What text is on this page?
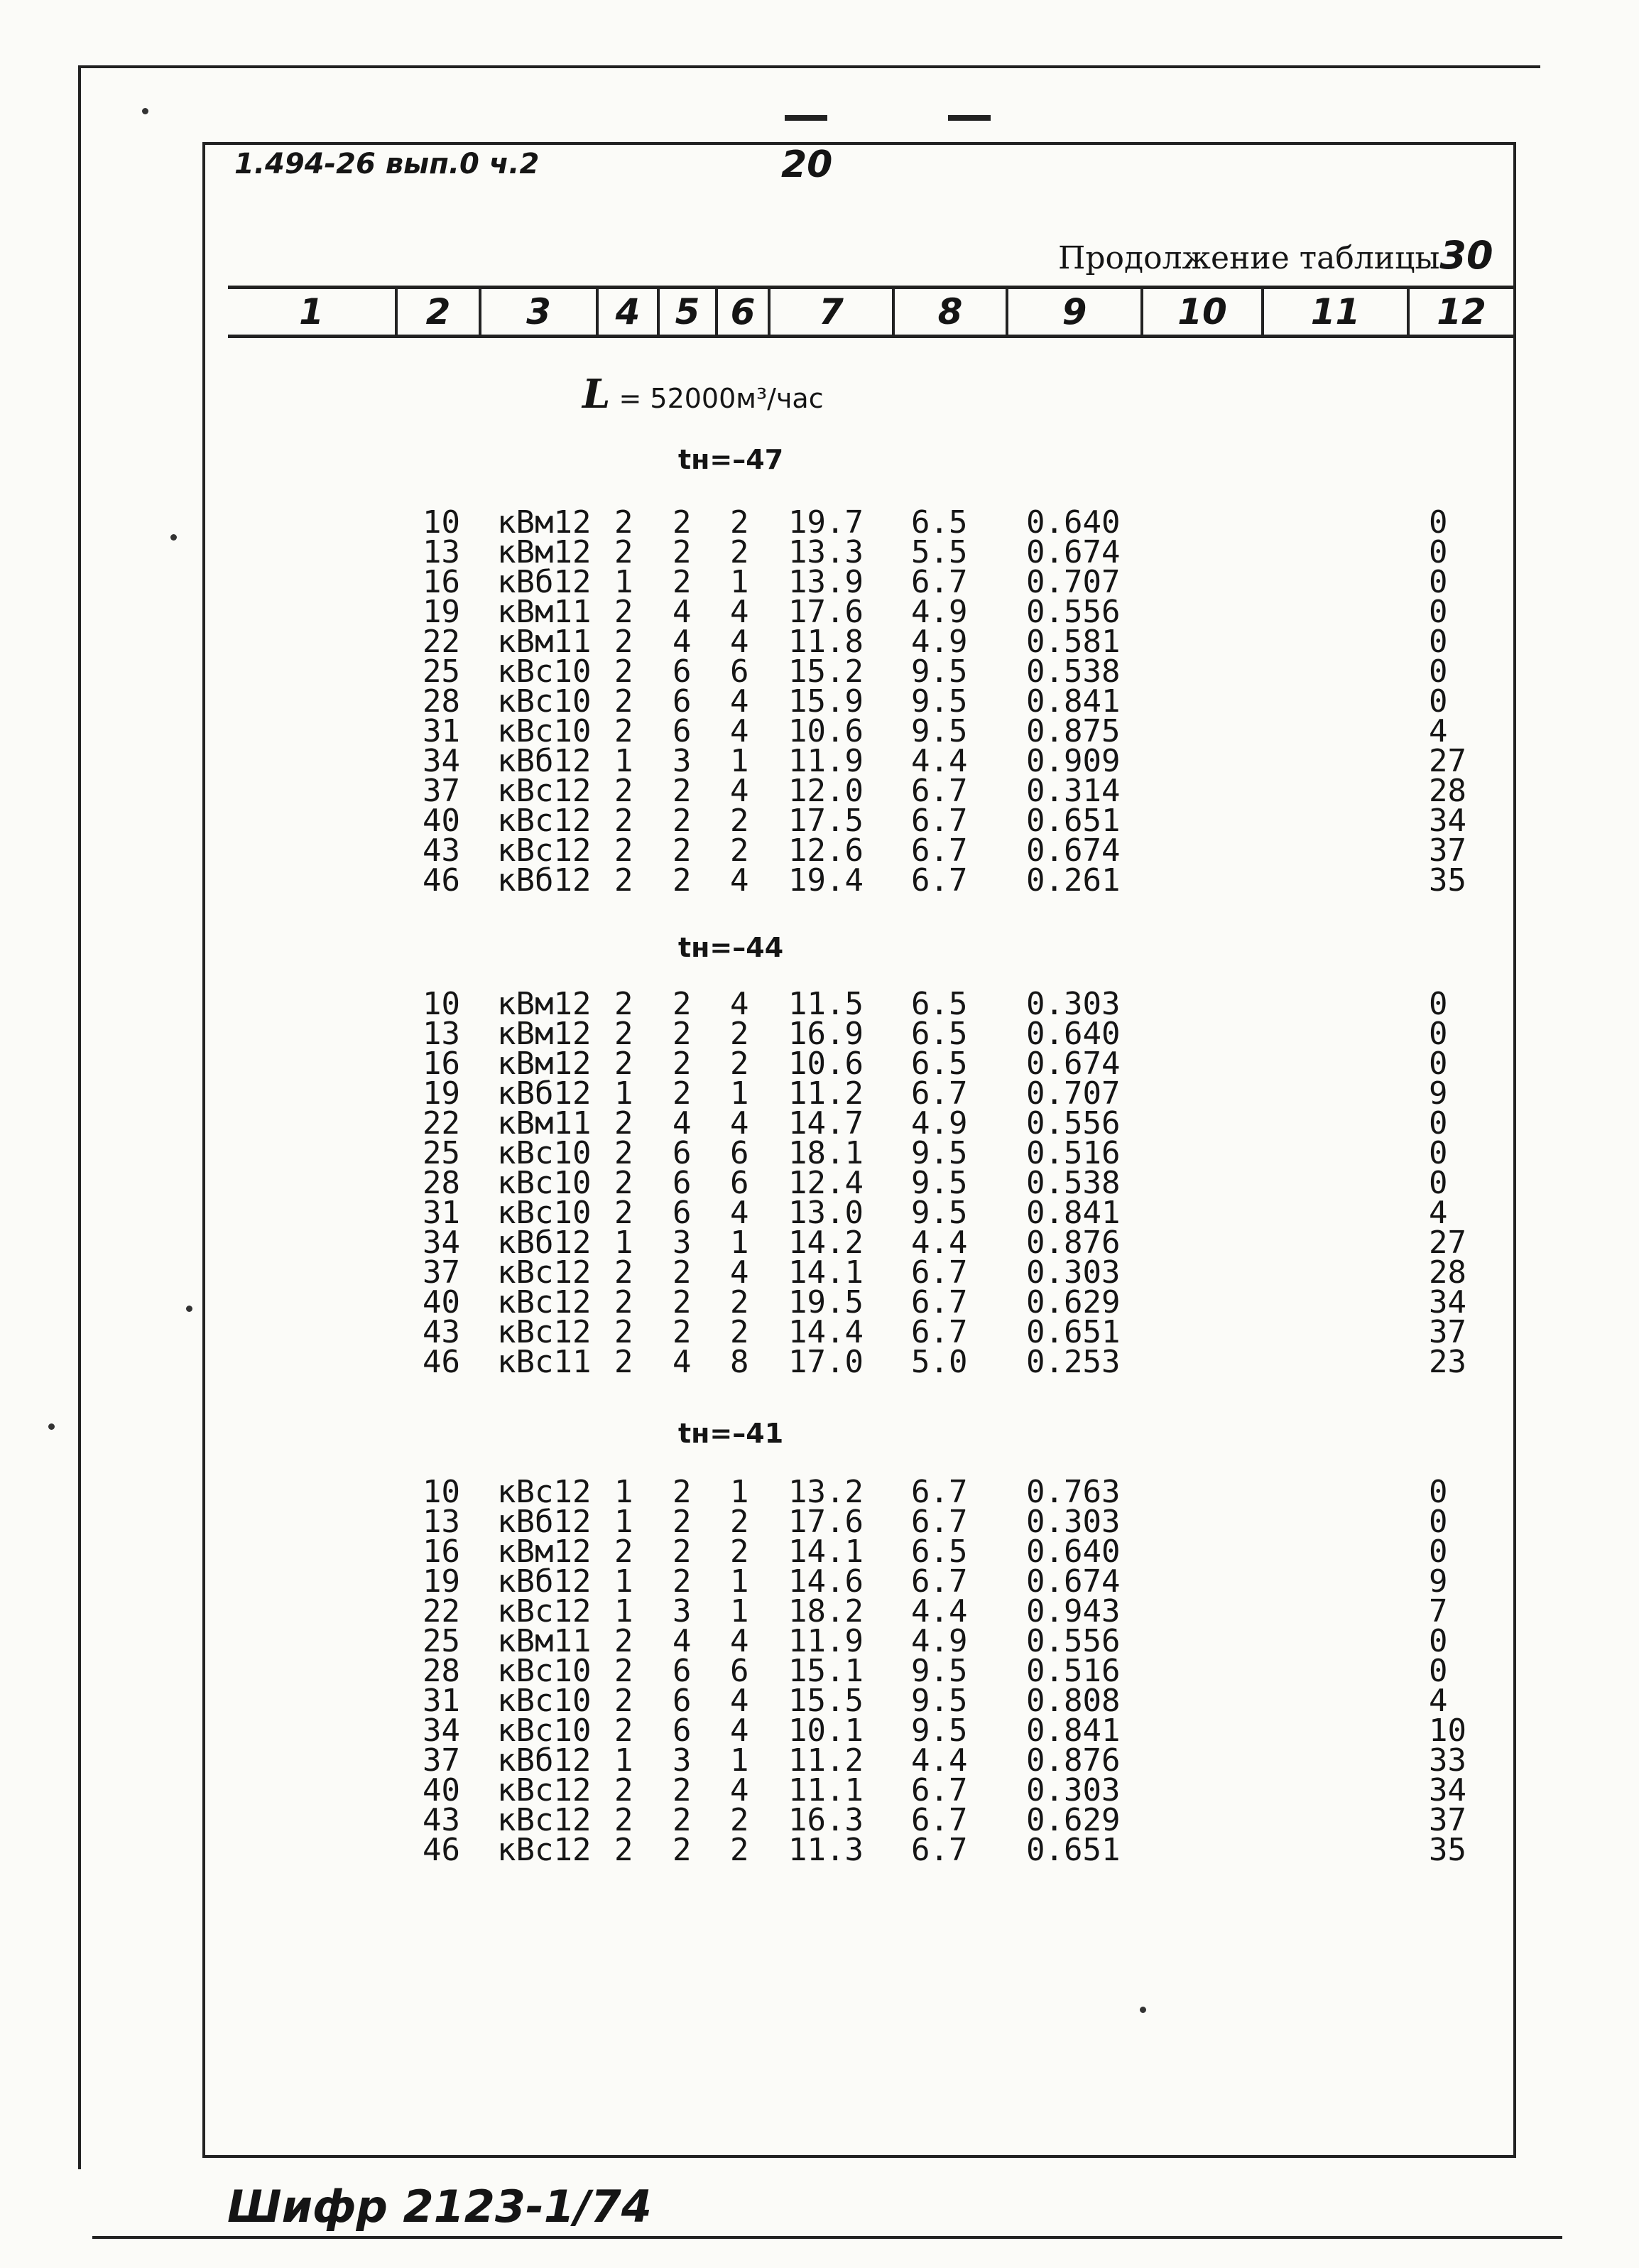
1.494-26 вып.0 ч.2	20
Продолжение таблицы30
1	2	3	4 5 6	7	8	9	10	11	12
L = 52000м³/час
tн=–47
10 кВм12 2 2 2 19.7 6.5 0.640	0
13 кВм12 2 2 2 13.3 5.5 0.674	0
16 кВб12 1 2 1 13.9 6.7 0.707	0
19 кВм11 2 4 4 17.6 4.9 0.556	0
22 кВм11 2 4 4 11.8 4.9 0.581	0
25 кВс10 2 6 6 15.2 9.5 0.538	0
28 кВс10 2 6 4 15.9 9.5 0.841	0
31 кВс10 2 6 4 10.6 9.5 0.875	4
34 кВб12 1 3 1 11.9 4.4 0.909	27
37 кВс12 2 2 4 12.0 6.7 0.314	28
40 кВс12 2 2 2 17.5 6.7 0.651	34
43 кВс12 2 2 2 12.6 6.7 0.674	37
46 кВб12 2 2 4 19.4 6.7 0.261	35
tн=–44
10 кВм12 2 2 4 11.5 6.5 0.303	0
13 кВм12 2 2 2 16.9 6.5 0.640	0
16 кВм12 2 2 2 10.6 6.5 0.674	0
19 кВб12 1 2 1 11.2 6.7 0.707	9
22 кВм11 2 4 4 14.7 4.9 0.556	0
25 кВс10 2 6 6 18.1 9.5 0.516	0
28 кВс10 2 6 6 12.4 9.5 0.538	0
31 кВс10 2 6 4 13.0 9.5 0.841	4
34 кВб12 1 3 1 14.2 4.4 0.876	27
37 кВс12 2 2 4 14.1 6.7 0.303	28
40 кВс12 2 2 2 19.5 6.7 0.629	34
43 кВс12 2 2 2 14.4 6.7 0.651	37
46 кВс11 2 4 8 17.0 5.0 0.253	23
tн=–41
10 кВс12 1 2 1 13.2 6.7 0.763	0
13 кВб12 1 2 2 17.6 6.7 0.303	0
16 кВм12 2 2 2 14.1 6.5 0.640	0
19 кВб12 1 2 1 14.6 6.7 0.674	9
22 кВс12 1 3 1 18.2 4.4 0.943	7
25 кВм11 2 4 4 11.9 4.9 0.556	0
28 кВс10 2 6 6 15.1 9.5 0.516	0
31 кВс10 2 6 4 15.5 9.5 0.808	4
34 кВс10 2 6 4 10.1 9.5 0.841	10
37 кВб12 1 3 1 11.2 4.4 0.876	33
40 кВс12 2 2 4 11.1 6.7 0.303	34
43 кВс12 2 2 2 16.3 6.7 0.629	37
46 кВс12 2 2 2 11.3 6.7 0.651	35
Шифр 2123-1/74
